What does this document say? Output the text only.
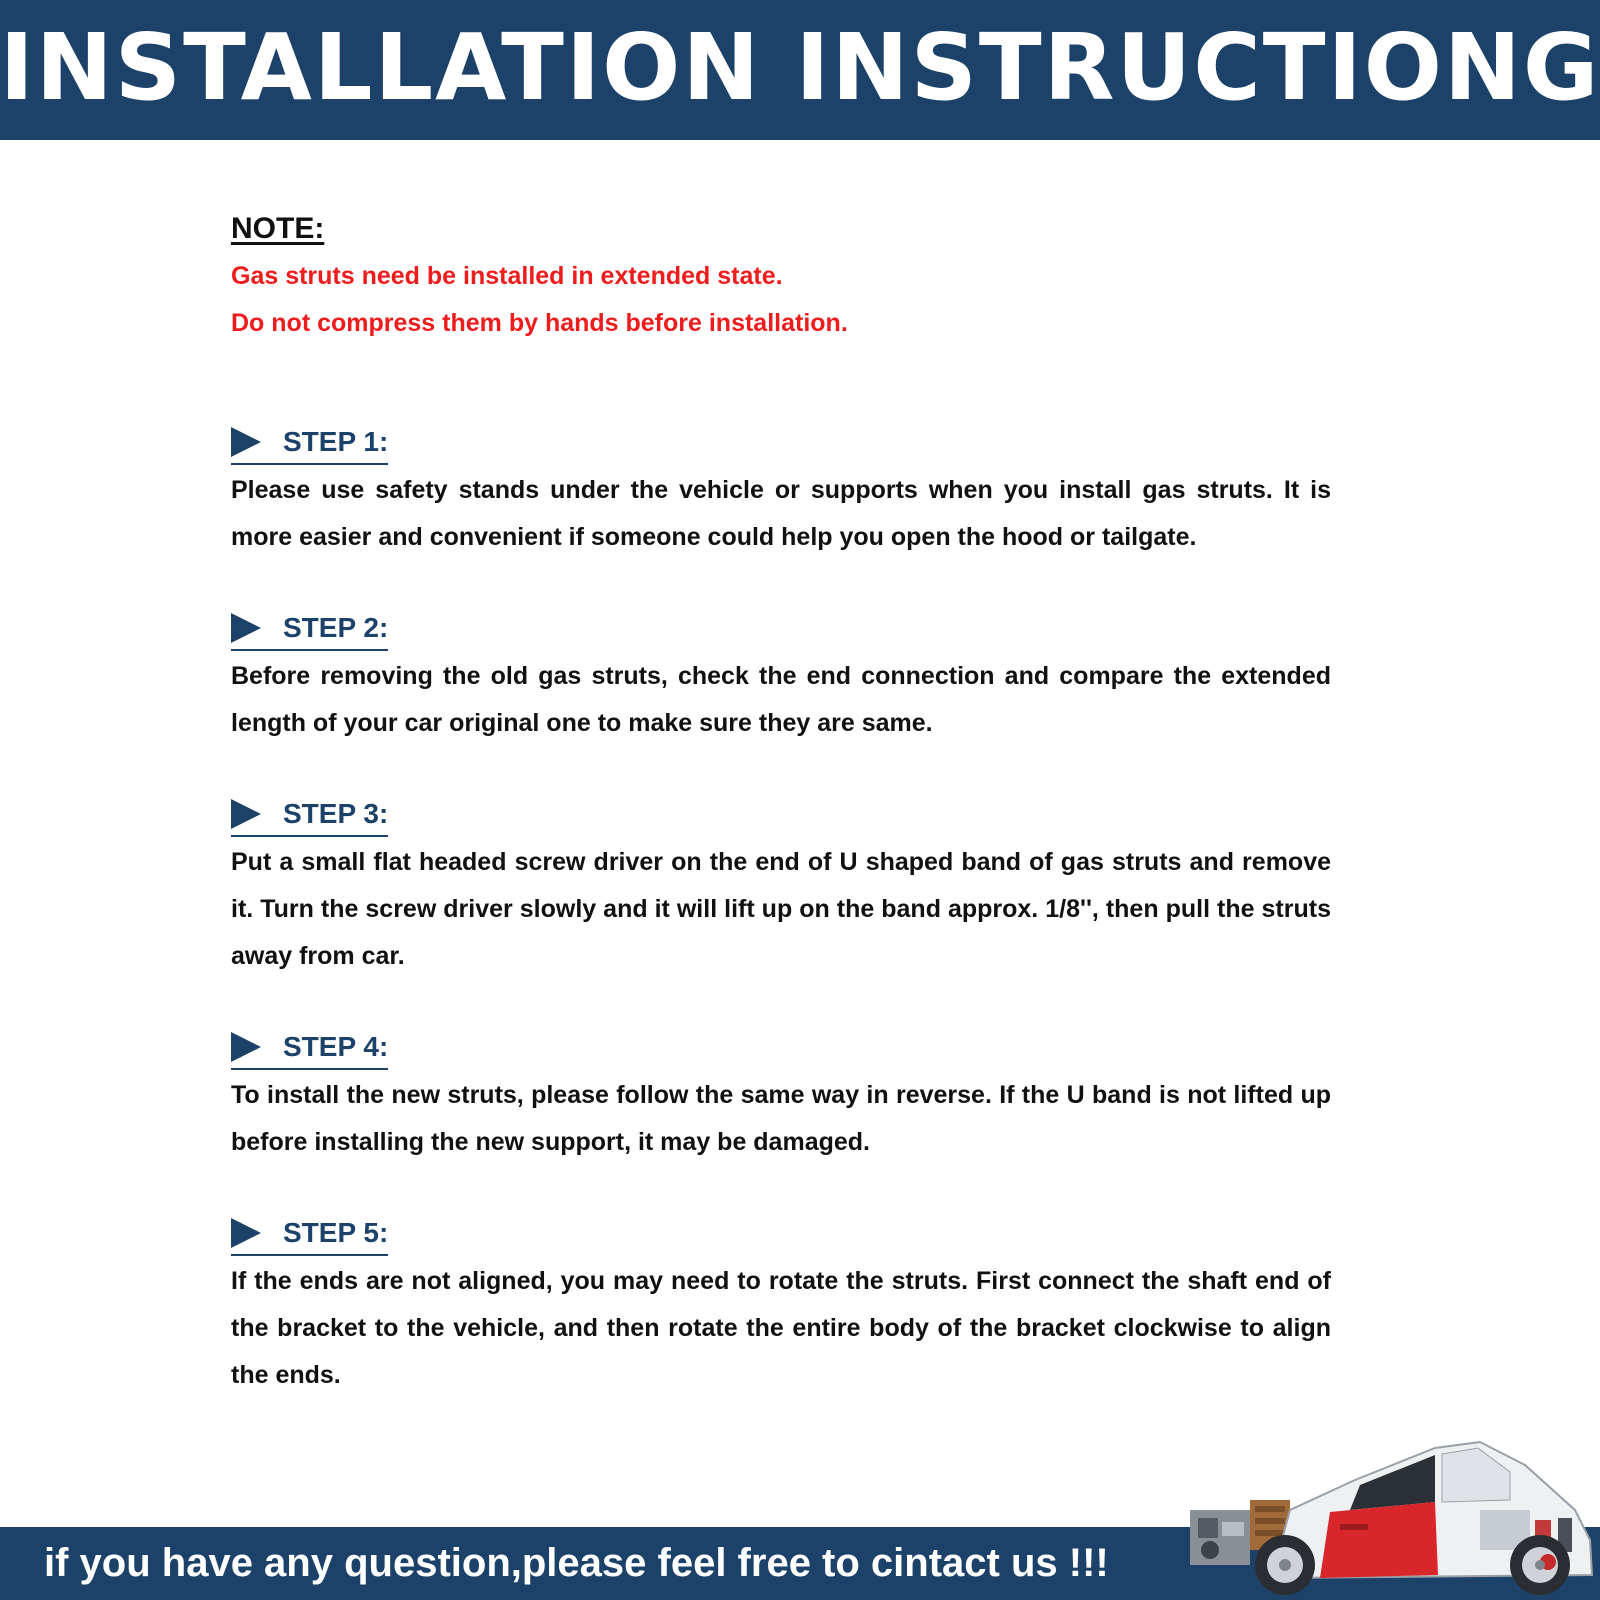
INSTALLATION INSTRUCTIONG

NOTE:

Gas struts need be installed in extended state.

Do not compress them by hands before installation.

STEP 1:

Please use safety stands under the vehicle or supports when you install gas struts. It is more easier and convenient if someone could help you open the hood or tailgate.

STEP 2:

Before removing the old gas struts, check the end connection and compare the extended length of your car original one to make sure they are same.

STEP 3:

Put a small flat headed screw driver on the end of U shaped band of gas struts and remove it. Turn the screw driver slowly and it will lift up on the band approx. 1/8'', then pull the struts away from car.

STEP 4:

To install the new struts, please follow the same way in reverse. If the U band is not lifted up before installing the new support, it may be damaged.

STEP 5:

If the ends are not aligned, you may need to rotate the struts. First connect the shaft end of the bracket to the vehicle, and then rotate the entire body of the bracket clockwise to align the ends.

if you have any question,please feel free to cintact us !!!
